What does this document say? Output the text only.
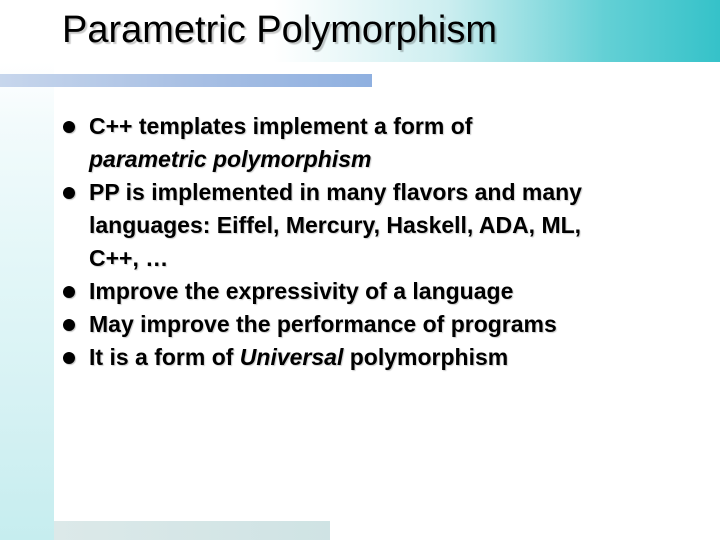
Parametric Polymorphism
C++ templates implement a form of
parametric polymorphism
PP is implemented in many flavors and many
languages: Eiffel, Mercury, Haskell, ADA, ML,
C++, …
Improve the expressivity of a language
May improve the performance of programs
It is a form of Universal polymorphism
